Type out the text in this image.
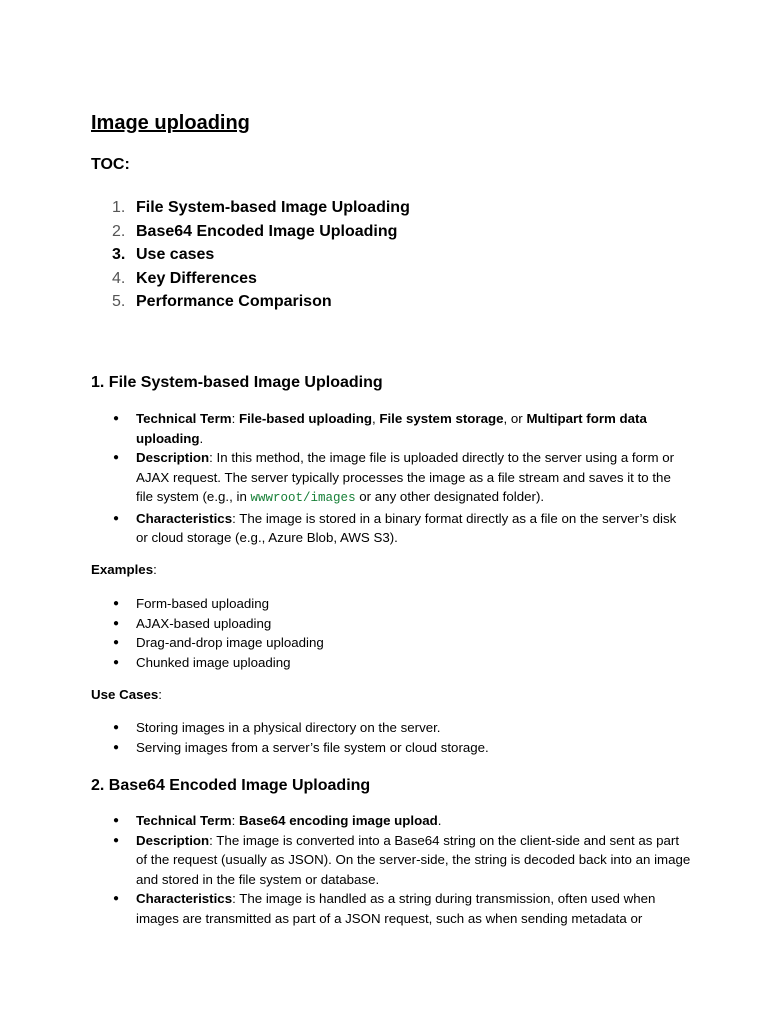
Image uploading

TOC:

1. File System-based Image Uploading
2. Base64 Encoded Image Uploading
3. Use cases
4. Key Differences
5. Performance Comparison
1. File System-based Image Uploading
● Technical Term: File-based uploading, File system storage, or Multipart form data uploading.
● Description: In this method, the image file is uploaded directly to the server using a form or AJAX request. The server typically processes the image as a file stream and saves it to the file system (e.g., in wwwroot/images or any other designated folder).
● Characteristics: The image is stored in a binary format directly as a file on the server’s disk or cloud storage (e.g., Azure Blob, AWS S3).

Examples:

● Form-based uploading
● AJAX-based uploading
● Drag-and-drop image uploading
● Chunked image uploading

Use Cases:

● Storing images in a physical directory on the server.
● Serving images from a server’s file system or cloud storage.
2. Base64 Encoded Image Uploading
● Technical Term: Base64 encoding image upload.
● Description: The image is converted into a Base64 string on the client-side and sent as part of the request (usually as JSON). On the server-side, the string is decoded back into an image and stored in the file system or database.
● Characteristics: The image is handled as a string during transmission, often used when images are transmitted as part of a JSON request, such as when sending metadata or
